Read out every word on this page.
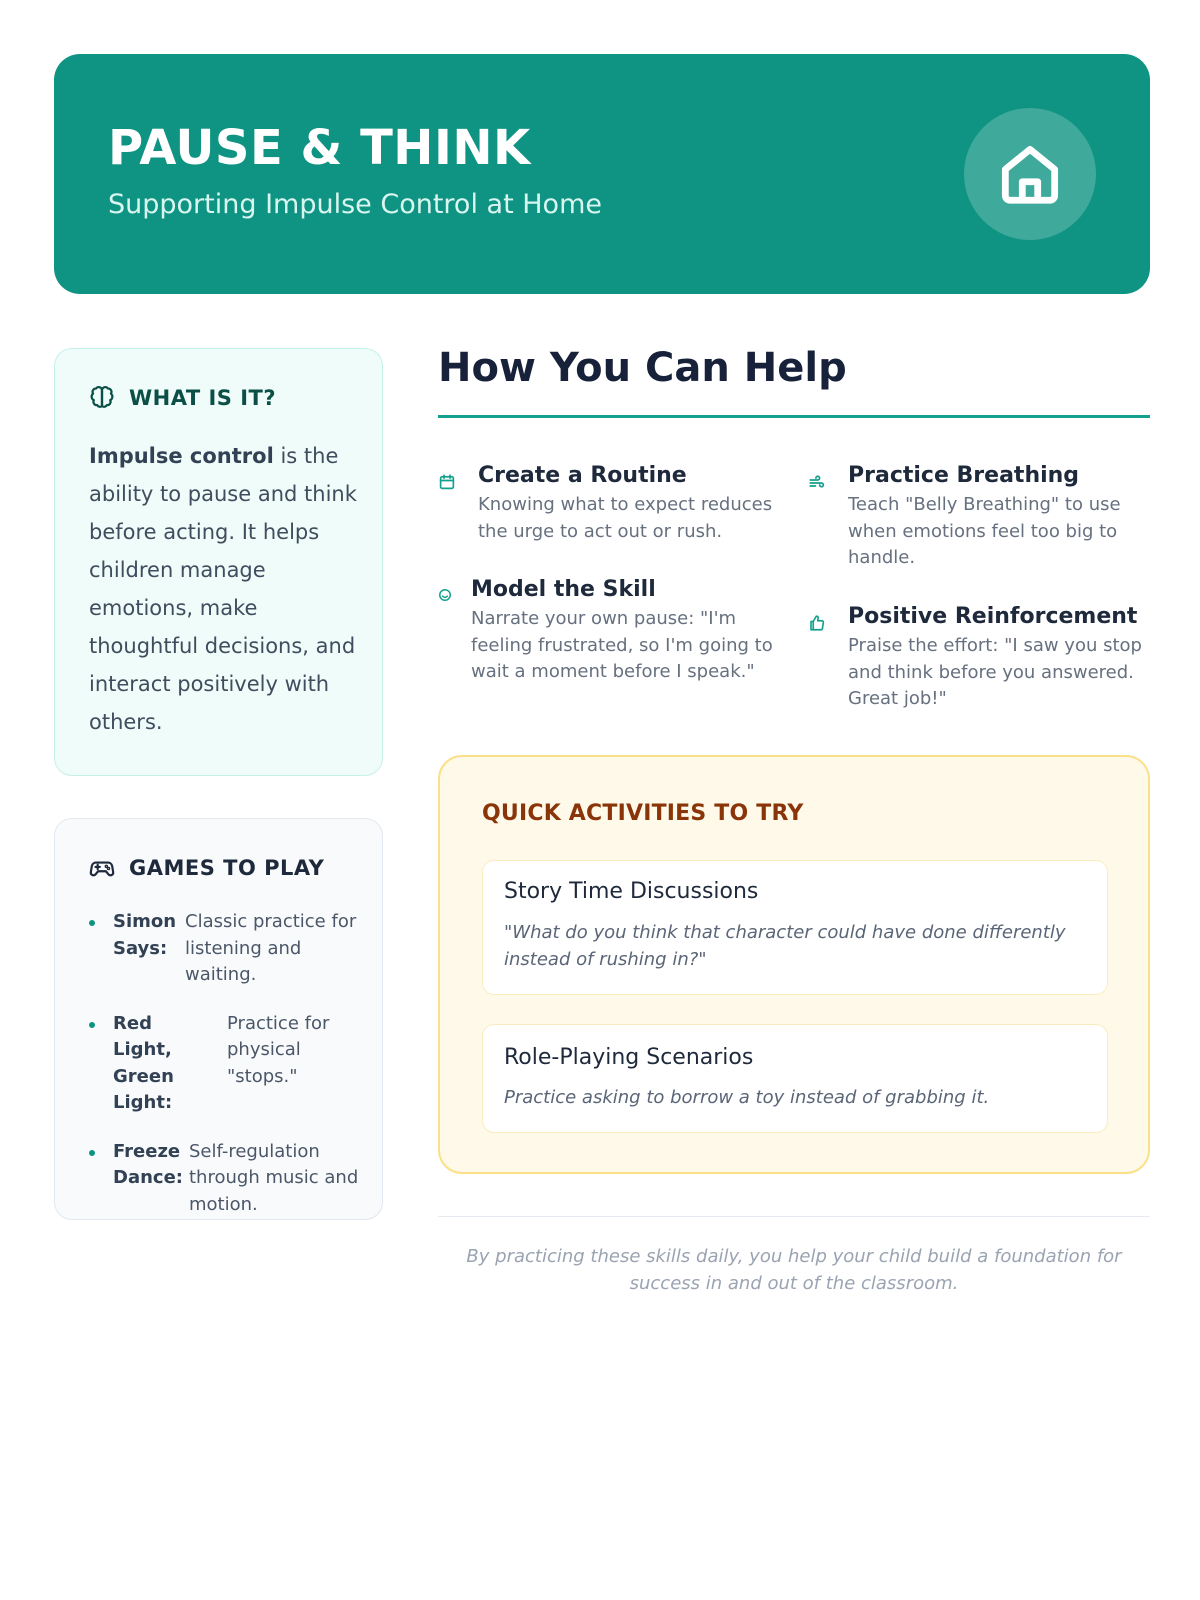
PAUSE & THINK
Supporting Impulse Control at Home
WHAT IS IT?

Impulse control is the ability to pause and think before acting. It helps children manage emotions, make thoughtful decisions, and interact positively with others.

GAMES TO PLAY
Simon Says:
Classic practice for listening and waiting.
Red Light, Green Light:
Practice for physical "stops."
Freeze Dance:
Self-regulation through music and motion.
How You Can Help
Create a Routine
Knowing what to expect reduces the urge to act out or rush.
Practice Breathing
Teach "Belly Breathing" to use when emotions feel too big to handle.
Model the Skill
Narrate your own pause: "I'm feeling frustrated, so I'm going to wait a moment before I speak."
Positive Reinforcement
Praise the effort: "I saw you stop and think before you answered. Great job!"
QUICK ACTIVITIES TO TRY
Story Time Discussions
"What do you think that character could have done differently instead of rushing in?"
Role-Playing Scenarios
Practice asking to borrow a toy instead of grabbing it.
By practicing these skills daily, you help your child build a foundation for success in and out of the classroom.
